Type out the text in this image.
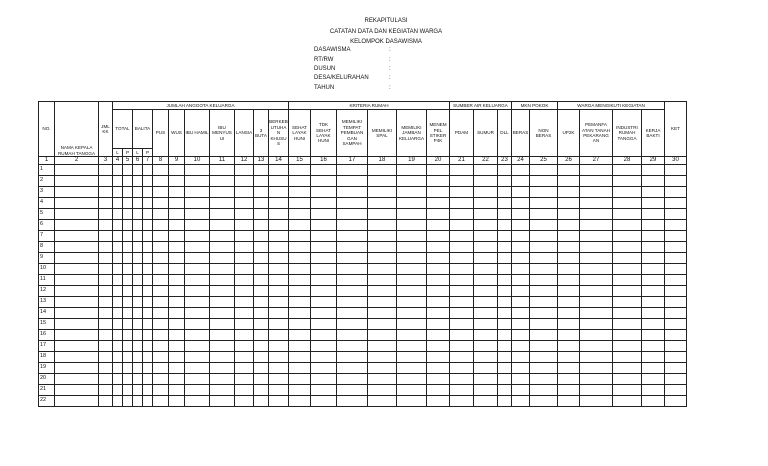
REKAPITULASI
CATATAN DATA DAN KEGIATAN WARGA
KELOMPOK DASAWISMA
DASAWISMA	:
RT/RW	:
DUSUN	:
DESA/KELURAHAN	:
TAHUN	:
NO.	NAMA KEPALA RUMAH TANGGA	JML KK	JUMLAH ANGGOTA KELUARGA											KRITERIA RUMAH						SUMBER AIR KELUARGA			MKN POKOK		WARGA MENGIKUTI KEGIATAN				KET
			TOTAL		BALITA		PUS	WUS	IBU HAMIL	IBU MENYUS UI	LANSIA	3 BUTA	BERKEB UTUHA N KHUSU S	SEHAT LAYAK HUNI	TDK SEHAT LAYAK HUNI	MEMILIKI TEMPAT PEMBUAN GAN SAMPAH	MEMILIKI SPAL	MEMILIKI JAMBAN KELUARGA	MENEM PEL STIKER P4K	PDAM	SUMUR	DLL	BERAS	NON BERAS	UP2K	PEMANFA ATAN TANAH PEKARANG AN	INDUSTRI RUMAH TANGGA	KERJA BAKTI	
			L	P	L	P																							
1	2	3	4	5	6	7	8	9	10	11	12	13	14	15	16	17	18	19	20	21	22	23	24	25	26	27	28	29	30
1																													
2																													
3																													
4																													
5																													
6																													
7																													
8																													
9																													
10																													
11																													
12																													
13																													
14																													
15																													
16																													
17																													
18																													
19																													
20																													
21																													
22																													
